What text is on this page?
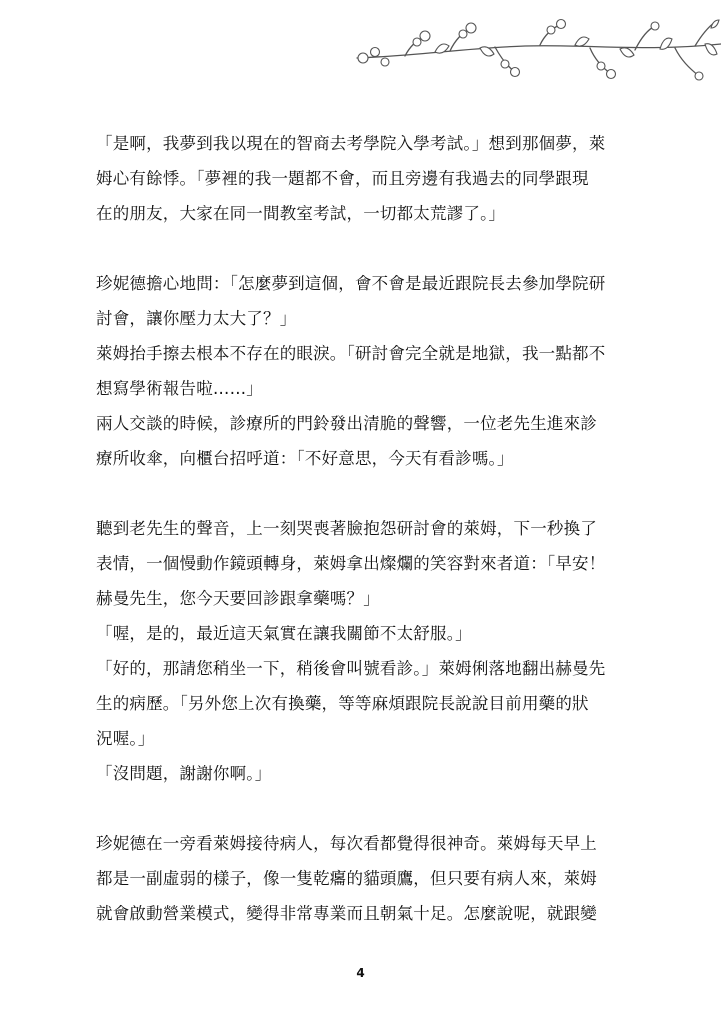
「是啊，我夢到我以現在的智商去考學院入學考試。」想到那個夢，萊
姆心有餘悸。「夢裡的我一題都不會，而且旁邊有我過去的同學跟現
在的朋友，大家在同一間教室考試，一切都太荒謬了。」
珍妮德擔心地問：「怎麼夢到這個，會不會是最近跟院長去參加學院研
討會，讓你壓力太大了？」
萊姆抬手擦去根本不存在的眼淚。「研討會完全就是地獄，我一點都不
想寫學術報告啦……」
兩人交談的時候，診療所的門鈴發出清脆的聲響，一位老先生進來診
療所收傘，向櫃台招呼道：「不好意思，今天有看診嗎。」
聽到老先生的聲音，上一刻哭喪著臉抱怨研討會的萊姆，下一秒換了
表情，一個慢動作鏡頭轉身，萊姆拿出燦爛的笑容對來者道：「早安！
赫曼先生，您今天要回診跟拿藥嗎？」
「喔，是的，最近這天氣實在讓我關節不太舒服。」
「好的，那請您稍坐一下，稍後會叫號看診。」萊姆俐落地翻出赫曼先
生的病歷。「另外您上次有換藥，等等麻煩跟院長說說目前用藥的狀
況喔。」
「沒問題，謝謝你啊。」
珍妮德在一旁看萊姆接待病人，每次看都覺得很神奇。萊姆每天早上
都是一副虛弱的樣子，像一隻乾癟的貓頭鷹，但只要有病人來，萊姆
就會啟動營業模式，變得非常專業而且朝氣十足。怎麼說呢，就跟變
4
